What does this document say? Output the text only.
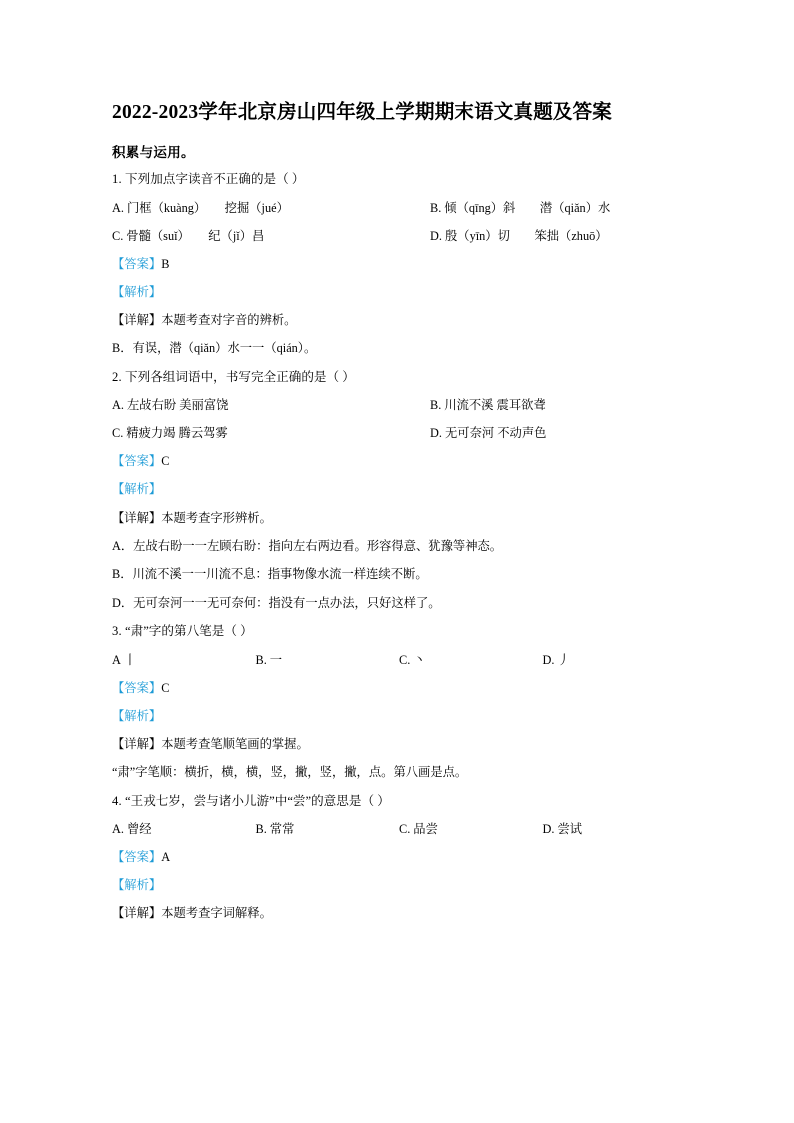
2022-2023学年北京房山四年级上学期期末语文真题及答案
积累与运用。
1. 下列加点字读音不正确的是（ ）
A. 门框（kuàng）　　挖掘（jué）	B. 倾（qīng）斜　　潜（qiǎn）水
C. 骨髓（suǐ）　　纪（jǐ）昌	D. 殷（yīn）切　　笨拙（zhuō）
【答案】B
【解析】
【详解】本题考查对字音的辨析。
B．有误，潜（qiǎn）水一一（qián）。
2. 下列各组词语中，书写完全正确的是（ ）
A. 左敁右盼 美丽富饶	B. 川流不溪 震耳欲聋
C. 精疲力竭 腾云驾雾	D. 无可奈河 不动声色
【答案】C
【解析】
【详解】本题考查字形辨析。
A．左敁右盼一一左顾右盼：指向左右两边看。形容得意、犹豫等神态。
B．川流不溪一一川流不息：指事物像水流一样连续不断。
D．无可奈河一一无可奈何：指没有一点办法，只好这样了。
3. “肃”字的第八笔是（ ）
A 丨	B. 一	C. 丶	D. 丿
【答案】C
【解析】
【详解】本题考查笔顺笔画的掌握。
“肃”字笔顺：横折，横，横，竖，撇，竖，撇，点。第八画是点。
4. “王戎七岁，尝与诸小儿游”中“尝”的意思是（ ）
A. 曾经	B. 常常	C. 品尝	D. 尝试
【答案】A
【解析】
【详解】本题考查字词解释。
